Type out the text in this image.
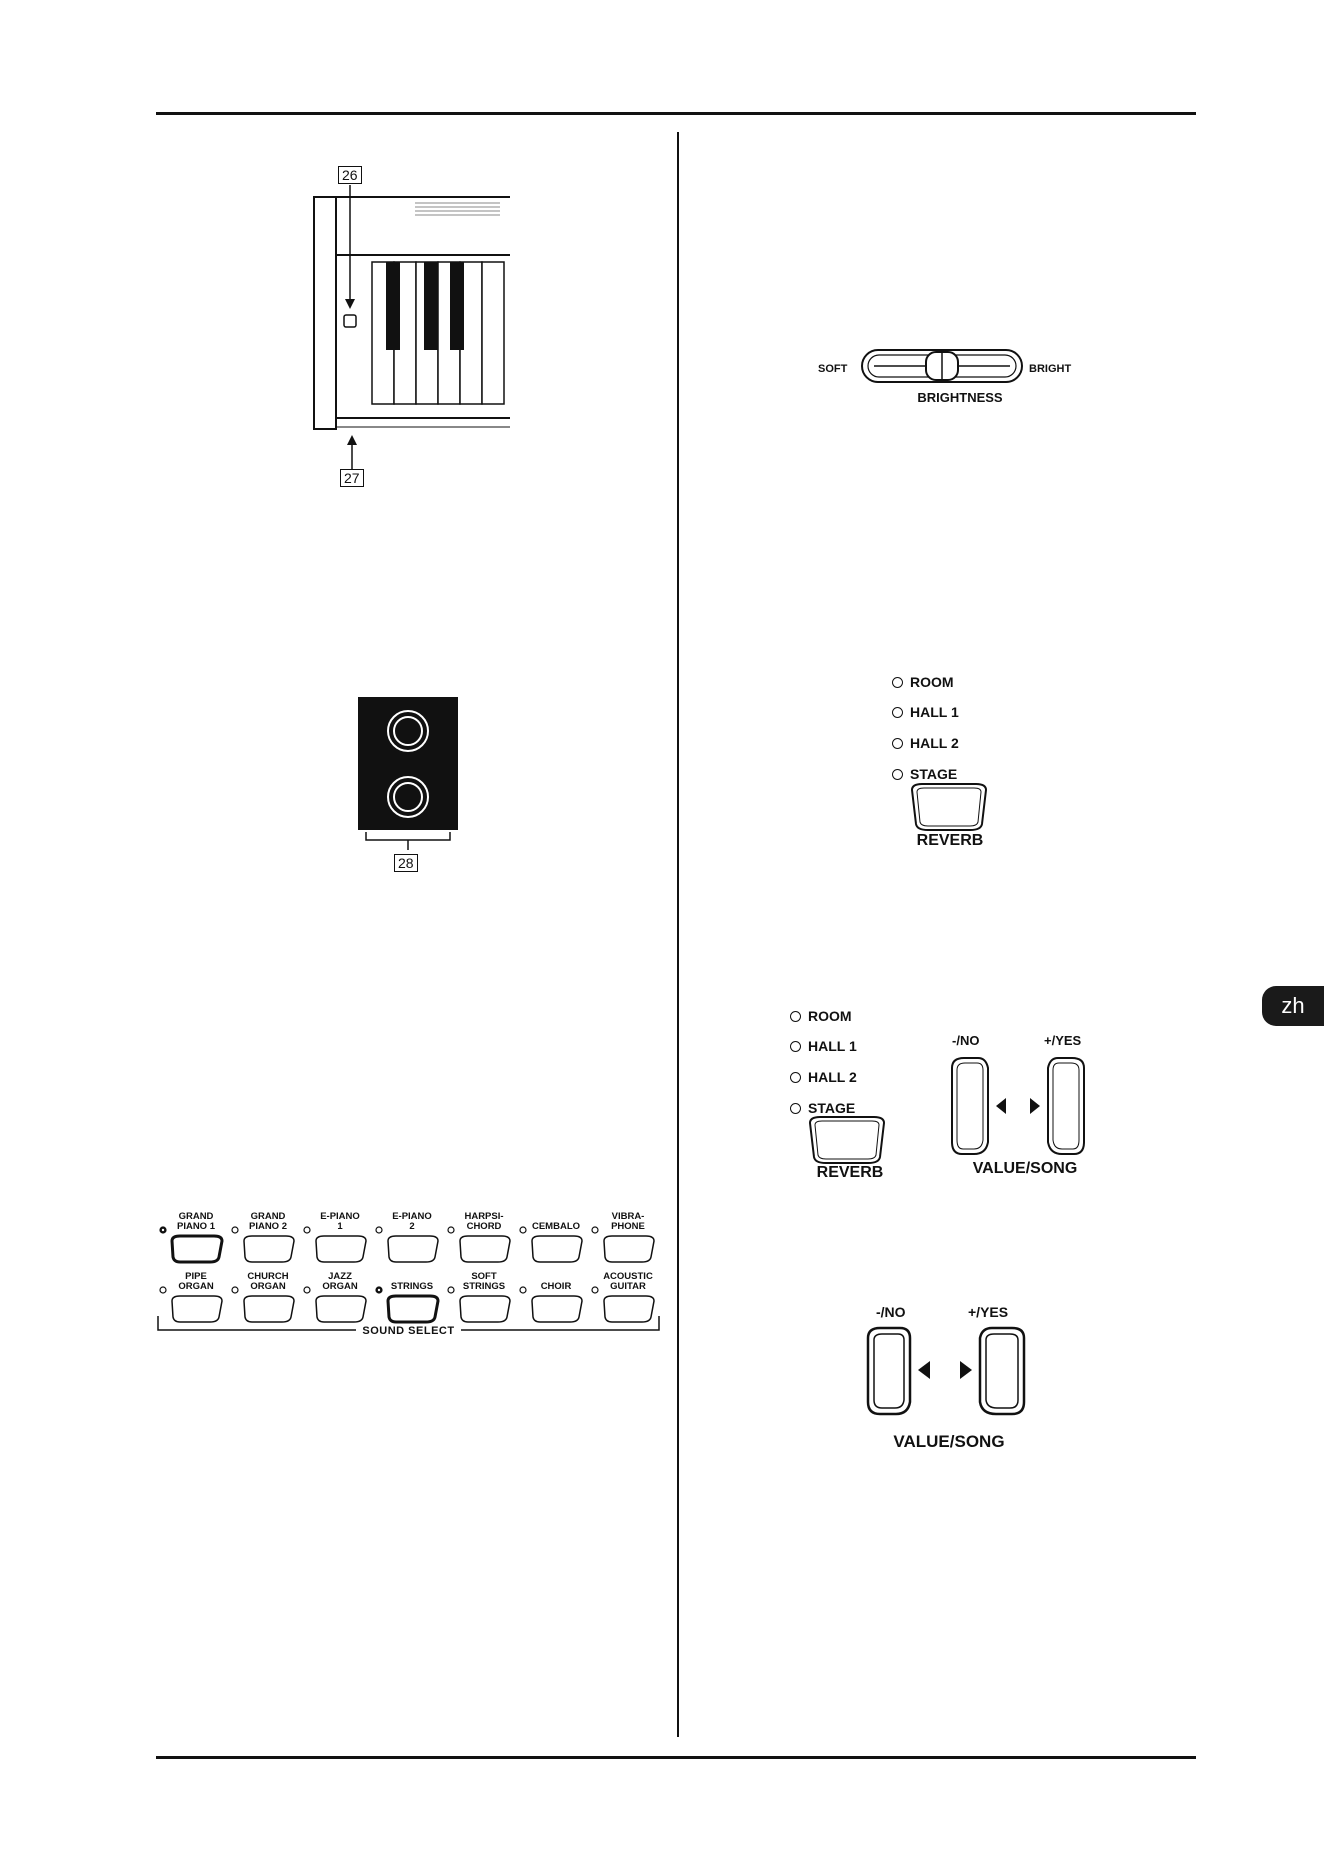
zh
26
27
28
SOFT	BRIGHT
BRIGHTNESS
ROOM
HALL 1
HALL 2
STAGE
REVERB
ROOM
HALL 1
HALL 2
STAGE
REVERB
-/NO	+/YES
VALUE/SONG
-/NO	+/YES
VALUE/SONG
GRAND
PIANO 1
GRAND
PIANO 2
E-PIANO
1
E-PIANO
2
HARPSI-
CHORD
	CEMBALO
VIBRA-
PHONE
PIPE
ORGAN
CHURCH
ORGAN
JAZZ
ORGAN
	STRINGS
SOFT
STRINGS
	CHOIR
ACOUSTIC
GUITAR
SOUND SELECT
